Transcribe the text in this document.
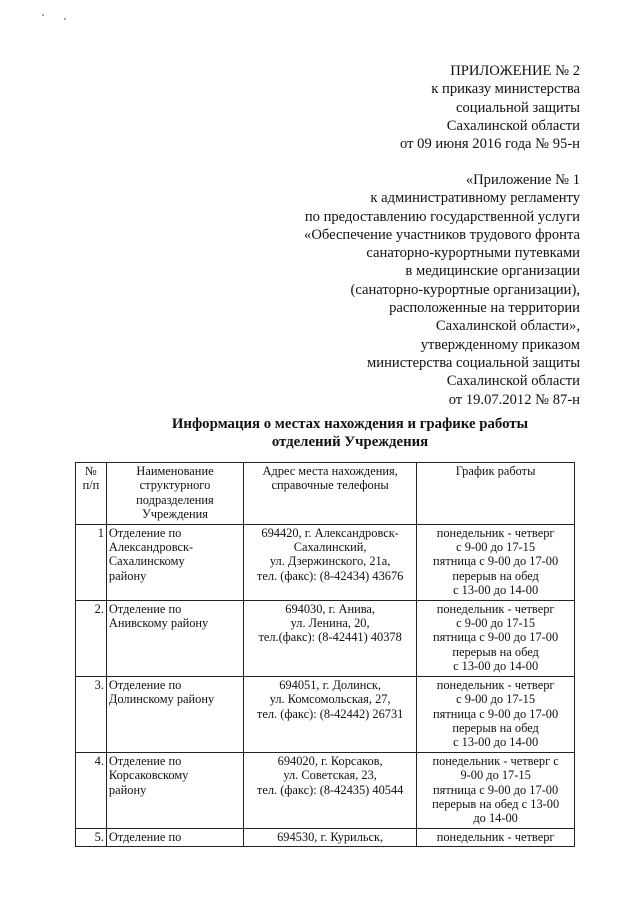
ПРИЛОЖЕНИЕ № 2
к приказу министерства
социальной защиты
Сахалинской области
от 09 июня 2016 года № 95-н
«Приложение № 1
к административному регламенту
по предоставлению государственной услуги
«Обеспечение участников трудового фронта
санаторно-курортными путевками
в медицинские организации
(санаторно-курортные организации),
расположенные на территории
Сахалинской области»,
утвержденному приказом
министерства социальной защиты
Сахалинской области
от 19.07.2012 № 87-н
Информация о местах нахождения и графике работы
отделений Учреждения
№
п/п	Наименование
структурного
подразделения
Учреждения	Адрес места нахождения,
справочные телефоны	График работы
1	Отделение по
Александровск-
Сахалинскому
району	694420, г. Александровск-
Сахалинский,
ул. Дзержинского, 21а,
тел. (факс): (8-42434) 43676	понедельник - четверг
с 9-00 до 17-15
пятница с 9-00 до 17-00
перерыв на обед
с 13-00 до 14-00
2.	Отделение по
Анивскому району	694030, г. Анива,
ул. Ленина, 20,
тел.(факс): (8-42441) 40378	понедельник - четверг
с 9-00 до 17-15
пятница с 9-00 до 17-00
перерыв на обед
с 13-00 до 14-00
3.	Отделение по
Долинскому району	694051, г. Долинск,
ул. Комсомольская, 27,
тел. (факс): (8-42442) 26731	понедельник - четверг
с 9-00 до 17-15
пятница с 9-00 до 17-00
перерыв на обед
с 13-00 до 14-00
4.	Отделение по
Корсаковскому
району	694020, г. Корсаков,
ул. Советская, 23,
тел. (факс): (8-42435) 40544	понедельник - четверг с
9-00 до 17-15
пятница с 9-00 до 17-00
перерыв на обед с 13-00
до 14-00
5.	Отделение по	694530, г. Курильск,	понедельник - четверг
